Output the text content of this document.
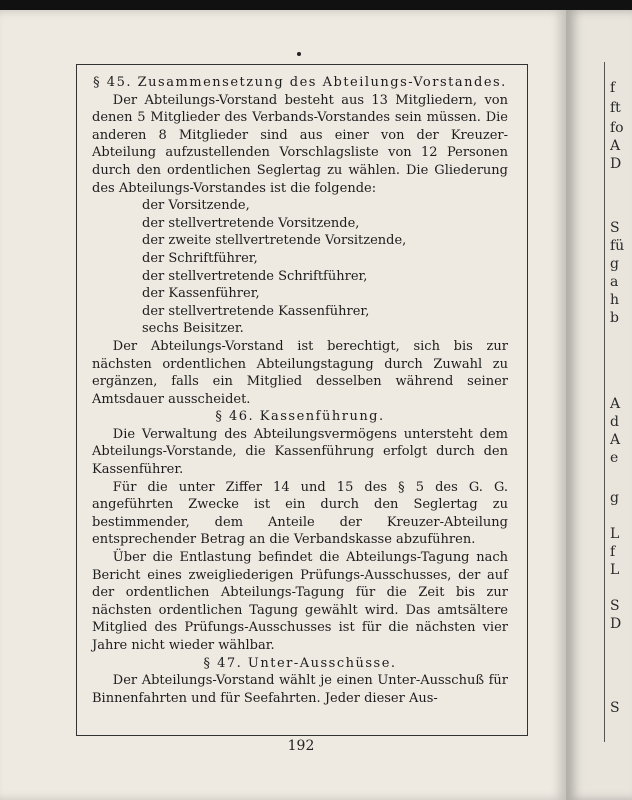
f
ft
fo
A
D
S
fü
g
a
h
b
A
d
A
e
g
L
f
L
S
D
S

§ 45. Zusammensetzung des Abteilungs-Vorstandes.

Der Abteilungs-Vorstand besteht aus 13 Mitgliedern, von denen 5 Mitglieder des Verbands-Vorstandes sein müssen. Die anderen 8 Mitglieder sind aus einer von der Kreuzer-Abteilung aufzustellenden Vorschlagsliste von 12 Personen durch den ordentlichen Seglertag zu wählen. Die Gliederung des Abteilungs-Vorstandes ist die folgende:

der Vorsitzende,
der stellvertretende Vorsitzende,
der zweite stellvertretende Vorsitzende,
der Schriftführer,
der stellvertretende Schriftführer,
der Kassenführer,
der stellvertretende Kassenführer,
sechs Beisitzer.

Der Abteilungs-Vorstand ist berechtigt, sich bis zur nächsten ordentlichen Abteilungstagung durch Zuwahl zu ergänzen, falls ein Mitglied desselben während seiner Amtsdauer ausscheidet.

§ 46. Kassenführung.

Die Verwaltung des Abteilungsvermögens untersteht dem Abteilungs-Vorstande, die Kassenführung erfolgt durch den Kassenführer.

Für die unter Ziffer 14 und 15 des § 5 des G. G. angeführten Zwecke ist ein durch den Seglertag zu bestimmender, dem Anteile der Kreuzer-Abteilung entsprechender Betrag an die Verbandskasse abzuführen.

Über die Entlastung befindet die Abteilungs-Tagung nach Bericht eines zweigliederigen Prüfungs-Ausschusses, der auf der ordentlichen Abteilungs-Tagung für die Zeit bis zur nächsten ordentlichen Tagung gewählt wird. Das amtsältere Mitglied des Prüfungs-Ausschusses ist für die nächsten vier Jahre nicht wieder wählbar.

§ 47. Unter-Ausschüsse.

Der Abteilungs-Vorstand wählt je einen Unter-Ausschuß für Binnenfahrten und für Seefahrten. Jeder dieser Aus-

192
